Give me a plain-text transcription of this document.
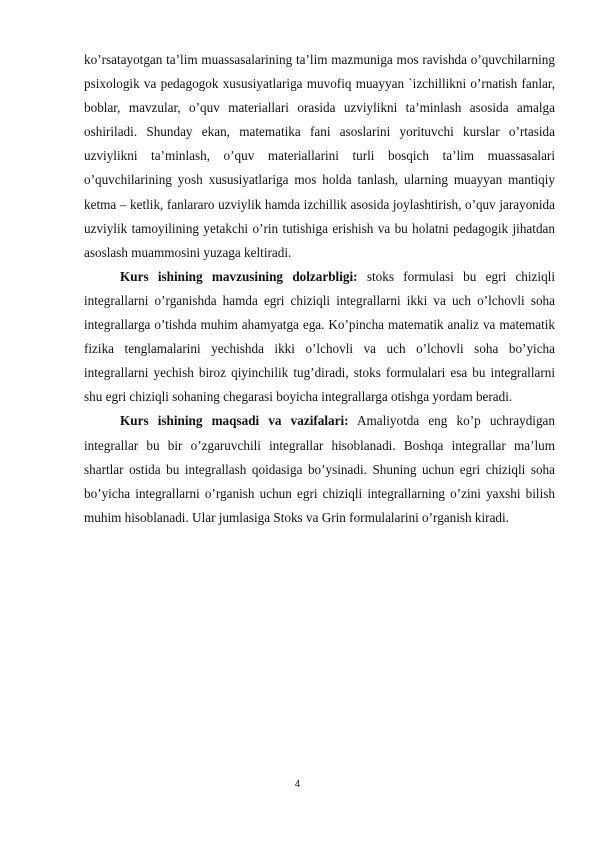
ko’rsatayotgan ta’lim muassasalarining ta’lim mazmuniga mos ravishda o’quvchilarning psixologik va pedagogok xususiyatlariga muvofiq muayyan `izchillikni o’rnatish fanlar, boblar, mavzular, o’quv materiallari orasida uzviylikni ta’minlash asosida amalga oshiriladi. Shunday ekan, matematika fani asoslarini yorituvchi kurslar o’rtasida uzviylikni ta’minlash, o’quv materiallarini turli bosqich ta’lim muassasalari o’quvchilarining yosh xususiyatlariga mos holda tanlash, ularning muayyan mantiqiy ketma – ketlik, fanlararo uzviylik hamda izchillik asosida joylashtirish, o’quv jarayonida uzviylik tamoyilining yetakchi o’rin tutishiga erishish va bu holatni pedagogik jihatdan asoslash muammosini yuzaga keltiradi.

Kurs ishining mavzusining dolzarbligi: stoks formulasi bu egri chiziqli integrallarni o’rganishda hamda egri chiziqli integrallarni ikki va uch o’lchovli soha integrallarga o’tishda muhim ahamyatga ega. Ko’pincha matematik analiz va matematik fizika tenglamalarini yechishda ikki o’lchovli va uch o’lchovli soha bo’yicha integrallarni yechish biroz qiyinchilik tug’diradi, stoks formulalari esa bu integrallarni shu egri chiziqli sohaning chegarasi boyicha integrallarga otishga yordam beradi.

Kurs ishining maqsadi va vazifalari: Amaliyotda eng ko’p uchraydigan integrallar bu bir o’zgaruvchili integrallar hisoblanadi. Boshqa integrallar ma’lum shartlar ostida bu integrallash qoidasiga bo’ysinadi. Shuning uchun egri chiziqli soha bo’yicha integrallarni o’rganish uchun egri chiziqli integrallarning o’zini yaxshi bilish muhim hisoblanadi. Ular jumlasiga Stoks va Grin formulalarini o’rganish kiradi.

4
